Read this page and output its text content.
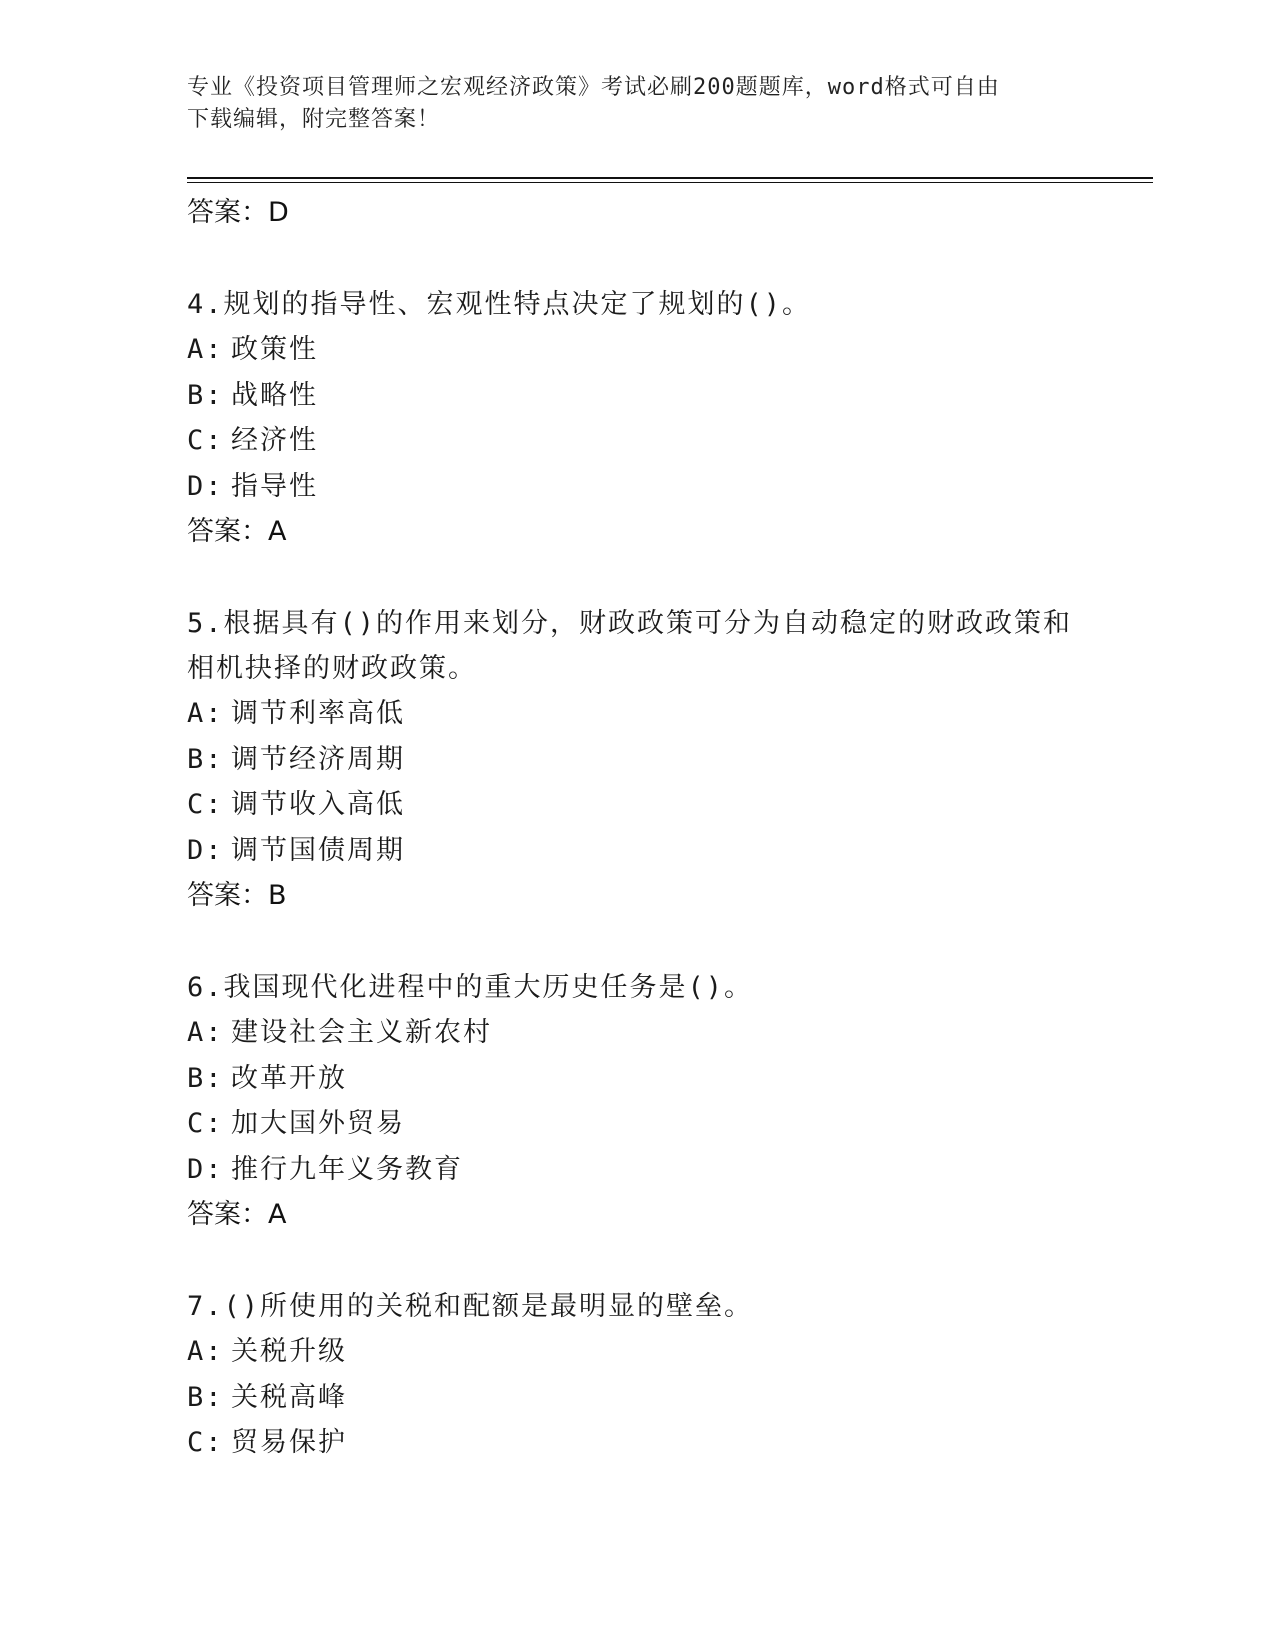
专业《投资项目管理师之宏观经济政策》考试必刷200题题库，word格式可自由
下载编辑，附完整答案！
答案：D
4.规划的指导性、宏观性特点决定了规划的()。
A: 政策性
B: 战略性
C: 经济性
D: 指导性
答案：A
5.根据具有()的作用来划分，财政政策可分为自动稳定的财政政策和
相机抉择的财政政策。
A: 调节利率高低
B: 调节经济周期
C: 调节收入高低
D: 调节国债周期
答案：B
6.我国现代化进程中的重大历史任务是()。
A: 建设社会主义新农村
B: 改革开放
C: 加大国外贸易
D: 推行九年义务教育
答案：A
7.()所使用的关税和配额是最明显的壁垒。
A: 关税升级
B: 关税高峰
C: 贸易保护
